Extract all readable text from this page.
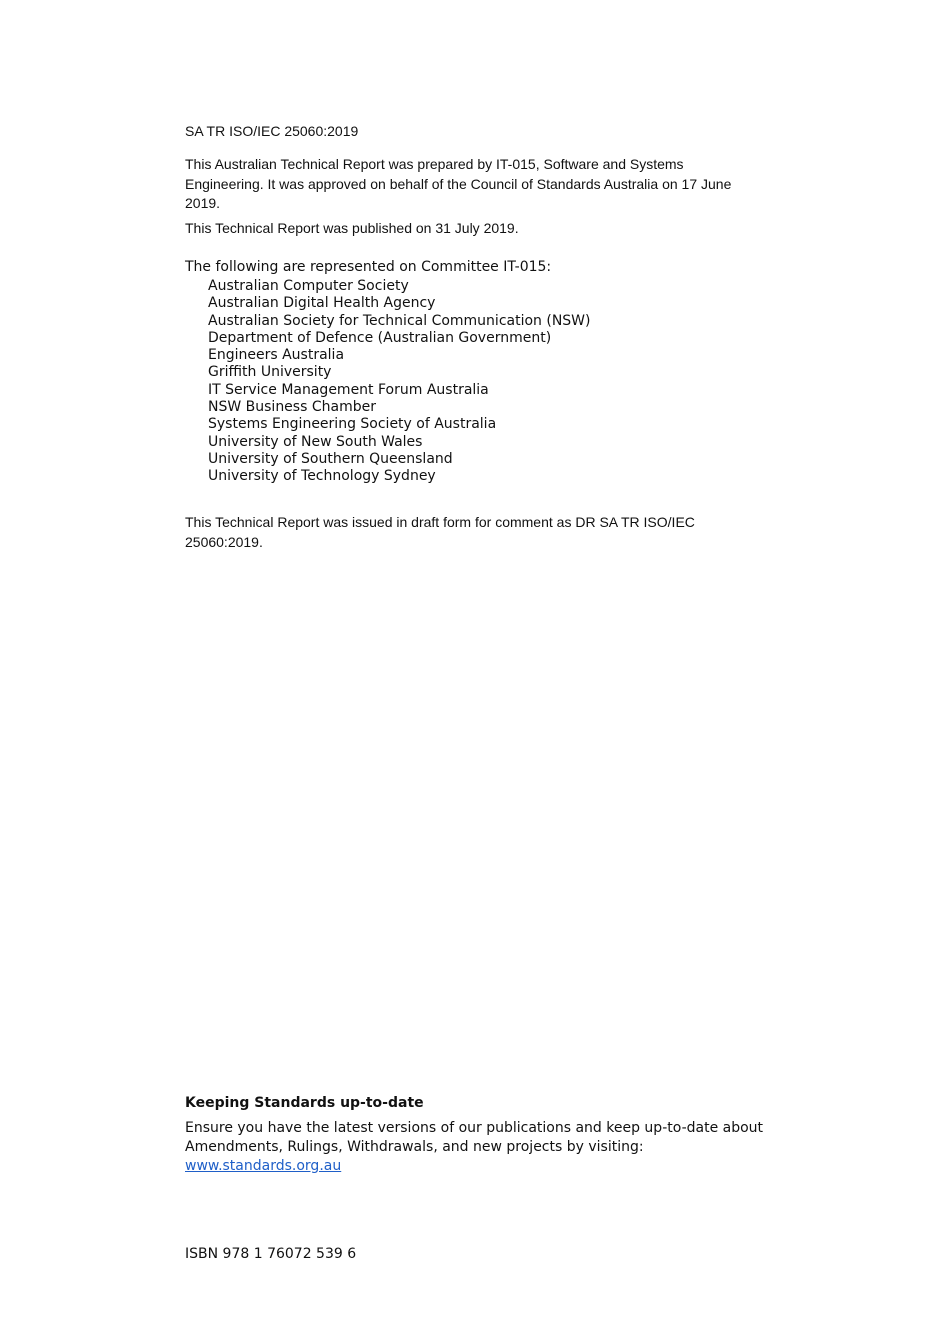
SA TR ISO/IEC 25060:2019

This Australian Technical Report was prepared by IT-015, Software and Systems Engineering. It was approved on behalf of the Council of Standards Australia on 17 June 2019.

This Technical Report was published on 31 July 2019.

The following are represented on Committee IT-015:

Australian Computer Society
Australian Digital Health Agency
Australian Society for Technical Communication (NSW)
Department of Defence (Australian Government)
Engineers Australia
Griffith University
IT Service Management Forum Australia
NSW Business Chamber
Systems Engineering Society of Australia
University of New South Wales
University of Southern Queensland
University of Technology Sydney

This Technical Report was issued in draft form for comment as DR SA TR ISO/IEC 25060:2019.

Keeping Standards up-to-date

Ensure you have the latest versions of our publications and keep up-to-date about Amendments, Rulings, Withdrawals, and new projects by visiting:
www.standards.org.au

ISBN 978 1 76072 539 6
